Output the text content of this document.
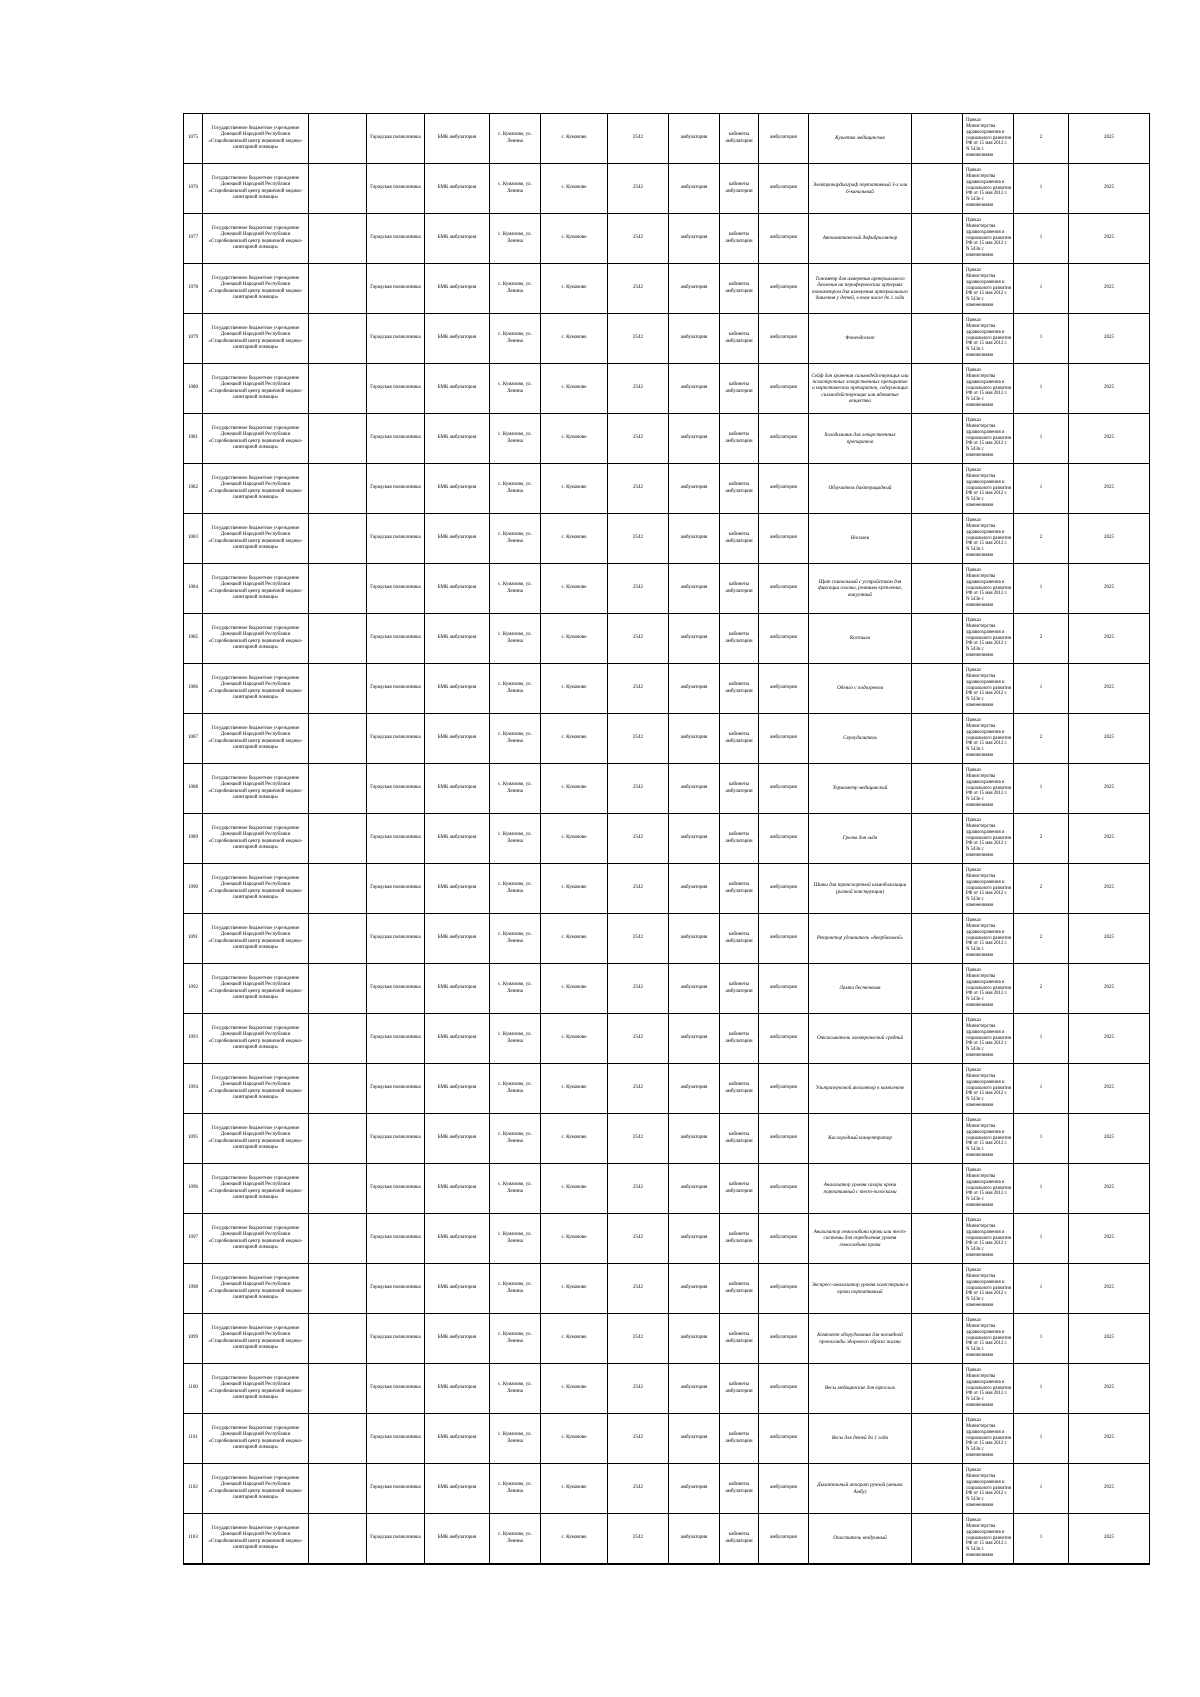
1075	Государственное бюджетное учреждение Донецкой Народной Республики «Старобешевский центр первичной медико-санитарной помощи»		Городская поликлиника	БМК амбулатория	с. Кумачово, ул. Ленина	с. Кумачово	2542	амбулатория	кабинеты амбулатории	амбулатория	Кушетка медицинская		Приказ Министерства здравоохранения и социального развития РФ от 15 мая 2012 г. N 543н с изменениями	2	2025
1076	Государственное бюджетное учреждение Донецкой Народной Республики «Старобешевский центр первичной медико-санитарной помощи»		Городская поликлиника	БМК амбулатория	с. Кумачово, ул. Ленина	с. Кумачово	2542	амбулатория	кабинеты амбулатории	амбулатория	Электрокардиограф портативный 3-х или 6-канальный		Приказ Министерства здравоохранения и социального развития РФ от 15 мая 2012 г. N 543н с изменениями	1	2025
1077	Государственное бюджетное учреждение Донецкой Народной Республики «Старобешевский центр первичной медико-санитарной помощи»		Городская поликлиника	БМК амбулатория	с. Кумачово, ул. Ленина	с. Кумачово	2542	амбулатория	кабинеты амбулатории	амбулатория	Автоматический дефибриллятор		Приказ Министерства здравоохранения и социального развития РФ от 15 мая 2012 г. N 543н с изменениями	1	2025
1078	Государственное бюджетное учреждение Донецкой Народной Республики «Старобешевский центр первичной медико-санитарной помощи»		Городская поликлиника	БМК амбулатория	с. Кумачово, ул. Ленина	с. Кумачово	2542	амбулатория	кабинеты амбулатории	амбулатория	Тонометр для измерения артериального давления на периферических артериях тонометром для измерения артериального давления у детей, в том числе до 1 года		Приказ Министерства здравоохранения и социального развития РФ от 15 мая 2012 г. N 543н с изменениями	1	2025
1079	Государственное бюджетное учреждение Донецкой Народной Республики «Старобешевский центр первичной медико-санитарной помощи»		Городская поликлиника	БМК амбулатория	с. Кумачово, ул. Ленина	с. Кумачово	2542	амбулатория	кабинеты амбулатории	амбулатория	Фонендоскоп		Приказ Министерства здравоохранения и социального развития РФ от 15 мая 2012 г. N 543н с изменениями	1	2025
1080	Государственное бюджетное учреждение Донецкой Народной Республики «Старобешевский центр первичной медико-санитарной помощи»		Городская поликлиника	БМК амбулатория	с. Кумачово, ул. Ленина	с. Кумачово	2542	амбулатория	кабинеты амбулатории	амбулатория	Сейф для хранения сильнодействующих или психотропных лекарственных препаратов и наркотических препаратов, содержащих сильнодействующие или ядовитые вещества		Приказ Министерства здравоохранения и социального развития РФ от 15 мая 2012 г. N 543н с изменениями	1	2025
1081	Государственное бюджетное учреждение Донецкой Народной Республики «Старобешевский центр первичной медико-санитарной помощи»		Городская поликлиника	БМК амбулатория	с. Кумачово, ул. Ленина	с. Кумачово	2542	амбулатория	кабинеты амбулатории	амбулатория	Холодильник для лекарственных препаратов		Приказ Министерства здравоохранения и социального развития РФ от 15 мая 2012 г. N 543н с изменениями	1	2025
1082	Государственное бюджетное учреждение Донецкой Народной Республики «Старобешевский центр первичной медико-санитарной помощи»		Городская поликлиника	БМК амбулатория	с. Кумачово, ул. Ленина	с. Кумачово	2542	амбулатория	кабинеты амбулатории	амбулатория	Облучатель бактерицидный		Приказ Министерства здравоохранения и социального развития РФ от 15 мая 2012 г. N 543н с изменениями	1	2025
1083	Государственное бюджетное учреждение Донецкой Народной Республики «Старобешевский центр первичной медико-санитарной помощи»		Городская поликлиника	БМК амбулатория	с. Кумачово, ул. Ленина	с. Кумачово	2542	амбулатория	кабинеты амбулатории	амбулатория	Носилки		Приказ Министерства здравоохранения и социального развития РФ от 15 мая 2012 г. N 543н с изменениями	2	2025
1084	Государственное бюджетное учреждение Донецкой Народной Республики «Старобешевский центр первичной медико-санитарной помощи»		Городская поликлиника	БМК амбулатория	с. Кумачово, ул. Ленина	с. Кумачово	2542	амбулатория	кабинеты амбулатории	амбулатория	Щит спинальный с устройством для фиксации головы, ремнями крепления, вакуумный		Приказ Министерства здравоохранения и социального развития РФ от 15 мая 2012 г. N 543н с изменениями	1	2025
1085	Государственное бюджетное учреждение Донецкой Народной Республики «Старобешевский центр первичной медико-санитарной помощи»		Городская поликлиника	БМК амбулатория	с. Кумачово, ул. Ленина	с. Кумачово	2542	амбулатория	кабинеты амбулатории	амбулатория	Костыли		Приказ Министерства здравоохранения и социального развития РФ от 15 мая 2012 г. N 543н с изменениями	2	2025
1086	Государственное бюджетное учреждение Донецкой Народной Республики «Старобешевский центр первичной медико-санитарной помощи»		Городская поликлиника	БМК амбулатория	с. Кумачово, ул. Ленина	с. Кумачово	2542	амбулатория	кабинеты амбулатории	амбулатория	Одеяло с подогревом		Приказ Министерства здравоохранения и социального развития РФ от 15 мая 2012 г. N 543н с изменениями	1	2025
1087	Государственное бюджетное учреждение Донецкой Народной Республики «Старобешевский центр первичной медико-санитарной помощи»		Городская поликлиника	БМК амбулатория	с. Кумачово, ул. Ленина	с. Кумачово	2542	амбулатория	кабинеты амбулатории	амбулатория	Сероудалитель		Приказ Министерства здравоохранения и социального развития РФ от 15 мая 2012 г. N 543н с изменениями	2	2025
1088	Государственное бюджетное учреждение Донецкой Народной Республики «Старобешевский центр первичной медико-санитарной помощи»		Городская поликлиника	БМК амбулатория	с. Кумачово, ул. Ленина	с. Кумачово	2542	амбулатория	кабинеты амбулатории	амбулатория	Термометр медицинский		Приказ Министерства здравоохранения и социального развития РФ от 15 мая 2012 г. N 543н с изменениями	1	2025
1089	Государственное бюджетное учреждение Донецкой Народной Республики «Старобешевский центр первичной медико-санитарной помощи»		Городская поликлиника	БМК амбулатория	с. Кумачово, ул. Ленина	с. Кумачово	2542	амбулатория	кабинеты амбулатории	амбулатория	Грелка для льда		Приказ Министерства здравоохранения и социального развития РФ от 15 мая 2012 г. N 543н с изменениями	2	2025
1090	Государственное бюджетное учреждение Донецкой Народной Республики «Старобешевский центр первичной медико-санитарной помощи»		Городская поликлиника	БМК амбулатория	с. Кумачово, ул. Ленина	с. Кумачово	2542	амбулатория	кабинеты амбулатории	амбулатория	Шины для транспортной иммобилизации (разной конструкции)		Приказ Министерства здравоохранения и социального развития РФ от 15 мая 2012 г. N 543н с изменениями	2	2025
1091	Государственное бюджетное учреждение Донецкой Народной Республики «Старобешевский центр первичной медико-санитарной помощи»		Городская поликлиника	БМК амбулатория	с. Кумачово, ул. Ленина	с. Кумачово	2542	амбулатория	кабинеты амбулатории	амбулатория	Ретрактор удлинитель «Авербаховой»		Приказ Министерства здравоохранения и социального развития РФ от 15 мая 2012 г. N 543н с изменениями	2	2025
1092	Государственное бюджетное учреждение Донецкой Народной Республики «Старобешевский центр первичной медико-санитарной помощи»		Городская поликлиника	БМК амбулатория	с. Кумачово, ул. Ленина	с. Кумачово	2542	амбулатория	кабинеты амбулатории	амбулатория	Лампа бестеневая		Приказ Министерства здравоохранения и социального развития РФ от 15 мая 2012 г. N 543н с изменениями	2	2025
1093	Государственное бюджетное учреждение Донецкой Народной Республики «Старобешевский центр первичной медико-санитарной помощи»		Городская поликлиника	БМК амбулатория	с. Кумачово, ул. Ленина	с. Кумачово	2542	амбулатория	кабинеты амбулатории	амбулатория	Отсасыватель электрический средний		Приказ Министерства здравоохранения и социального развития РФ от 15 мая 2012 г. N 543н с изменениями	1	2025
1094	Государственное бюджетное учреждение Донецкой Народной Республики «Старобешевский центр первичной медико-санитарной помощи»		Городская поликлиника	БМК амбулатория	с. Кумачово, ул. Ленина	с. Кумачово	2542	амбулатория	кабинеты амбулатории	амбулатория	Ультразвуковой ингалятор в комплекте		Приказ Министерства здравоохранения и социального развития РФ от 15 мая 2012 г. N 543н с изменениями	1	2025
1095	Государственное бюджетное учреждение Донецкой Народной Республики «Старобешевский центр первичной медико-санитарной помощи»		Городская поликлиника	БМК амбулатория	с. Кумачово, ул. Ленина	с. Кумачово	2542	амбулатория	кабинеты амбулатории	амбулатория	Кислородный концентратор		Приказ Министерства здравоохранения и социального развития РФ от 15 мая 2012 г. N 543н с изменениями	1	2025
1096	Государственное бюджетное учреждение Донецкой Народной Республики «Старобешевский центр первичной медико-санитарной помощи»		Городская поликлиника	БМК амбулатория	с. Кумачово, ул. Ленина	с. Кумачово	2542	амбулатория	кабинеты амбулатории	амбулатория	Анализатор уровня сахара крови портативный с тест-полосками		Приказ Министерства здравоохранения и социального развития РФ от 15 мая 2012 г. N 543н с изменениями	1	2025
1097	Государственное бюджетное учреждение Донецкой Народной Республики «Старобешевский центр первичной медико-санитарной помощи»		Городская поликлиника	БМК амбулатория	с. Кумачово, ул. Ленина	с. Кумачово	2542	амбулатория	кабинеты амбулатории	амбулатория	Анализатор гемоглобина крови или тест-системы для определения уровня гемоглобина крови		Приказ Министерства здравоохранения и социального развития РФ от 15 мая 2012 г. N 543н с изменениями	1	2025
1098	Государственное бюджетное учреждение Донецкой Народной Республики «Старобешевский центр первичной медико-санитарной помощи»		Городская поликлиника	БМК амбулатория	с. Кумачово, ул. Ленина	с. Кумачово	2542	амбулатория	кабинеты амбулатории	амбулатория	Экспресс-анализатор уровня холестерина в крови портативный		Приказ Министерства здравоохранения и социального развития РФ от 15 мая 2012 г. N 543н с изменениями	1	2025
1099	Государственное бюджетное учреждение Донецкой Народной Республики «Старобешевский центр первичной медико-санитарной помощи»		Городская поликлиника	БМК амбулатория	с. Кумачово, ул. Ленина	с. Кумачово	2542	амбулатория	кабинеты амбулатории	амбулатория	Комплект оборудования для наглядной пропаганды здорового образа жизни		Приказ Министерства здравоохранения и социального развития РФ от 15 мая 2012 г. N 543н с изменениями	1	2025
1100	Государственное бюджетное учреждение Донецкой Народной Республики «Старобешевский центр первичной медико-санитарной помощи»		Городская поликлиника	БМК амбулатория	с. Кумачово, ул. Ленина	с. Кумачово	2542	амбулатория	кабинеты амбулатории	амбулатория	Весы медицинские для взрослых		Приказ Министерства здравоохранения и социального развития РФ от 15 мая 2012 г. N 543н с изменениями	1	2025
1101	Государственное бюджетное учреждение Донецкой Народной Республики «Старобешевский центр первичной медико-санитарной помощи»		Городская поликлиника	БМК амбулатория	с. Кумачово, ул. Ленина	с. Кумачово	2542	амбулатория	кабинеты амбулатории	амбулатория	Весы для детей до 1 года		Приказ Министерства здравоохранения и социального развития РФ от 15 мая 2012 г. N 543н с изменениями	1	2025
1102	Государственное бюджетное учреждение Донецкой Народной Республики «Старобешевский центр первичной медико-санитарной помощи»		Городская поликлиника	БМК амбулатория	с. Кумачово, ул. Ленина	с. Кумачово	2542	амбулатория	кабинеты амбулатории	амбулатория	Дыхательный аппарат ручной (мешок Амбу)		Приказ Министерства здравоохранения и социального развития РФ от 15 мая 2012 г. N 543н с изменениями	1	2025
1103	Государственное бюджетное учреждение Донецкой Народной Республики «Старобешевский центр первичной медико-санитарной помощи»		Городская поликлиника	БМК амбулатория	с. Кумачово, ул. Ленина	с. Кумачово	2542	амбулатория	кабинеты амбулатории	амбулатория	Очиститель воздушный		Приказ Министерства здравоохранения и социального развития РФ от 15 мая 2012 г. N 543н с изменениями	1	2025
